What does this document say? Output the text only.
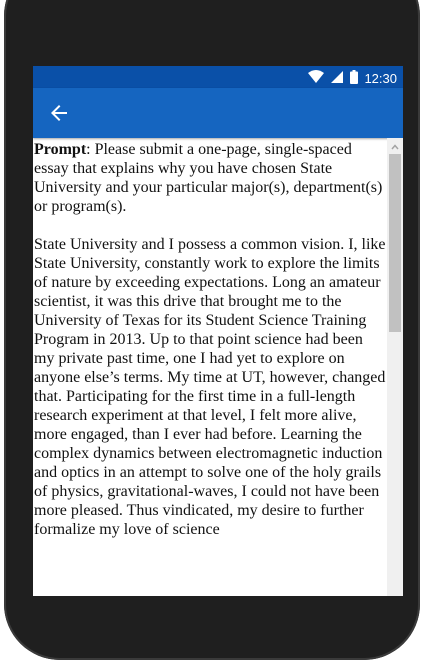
12:30

Prompt: Please submit a one-page, single-spaced essay that explains why you have chosen State University and your particular major(s), department(s) or program(s).

State University and I possess a common vision. I, like State University, constantly work to explore the limits of nature by exceeding expectations. Long an amateur scientist, it was this drive that brought me to the University of Texas for its Student Science Training Program in 2013. Up to that point science had been my private past time, one I had yet to explore on anyone else’s terms. My time at UT, however, changed that. Participating for the first time in a full-length research experiment at that level, I felt more alive, more engaged, than I ever had before. Learning the complex dynamics between electromagnetic induction and optics in an attempt to solve one of the holy grails of physics, gravitational-waves, I could not have been more pleased. Thus vindicated, my desire to further formalize my love of science
